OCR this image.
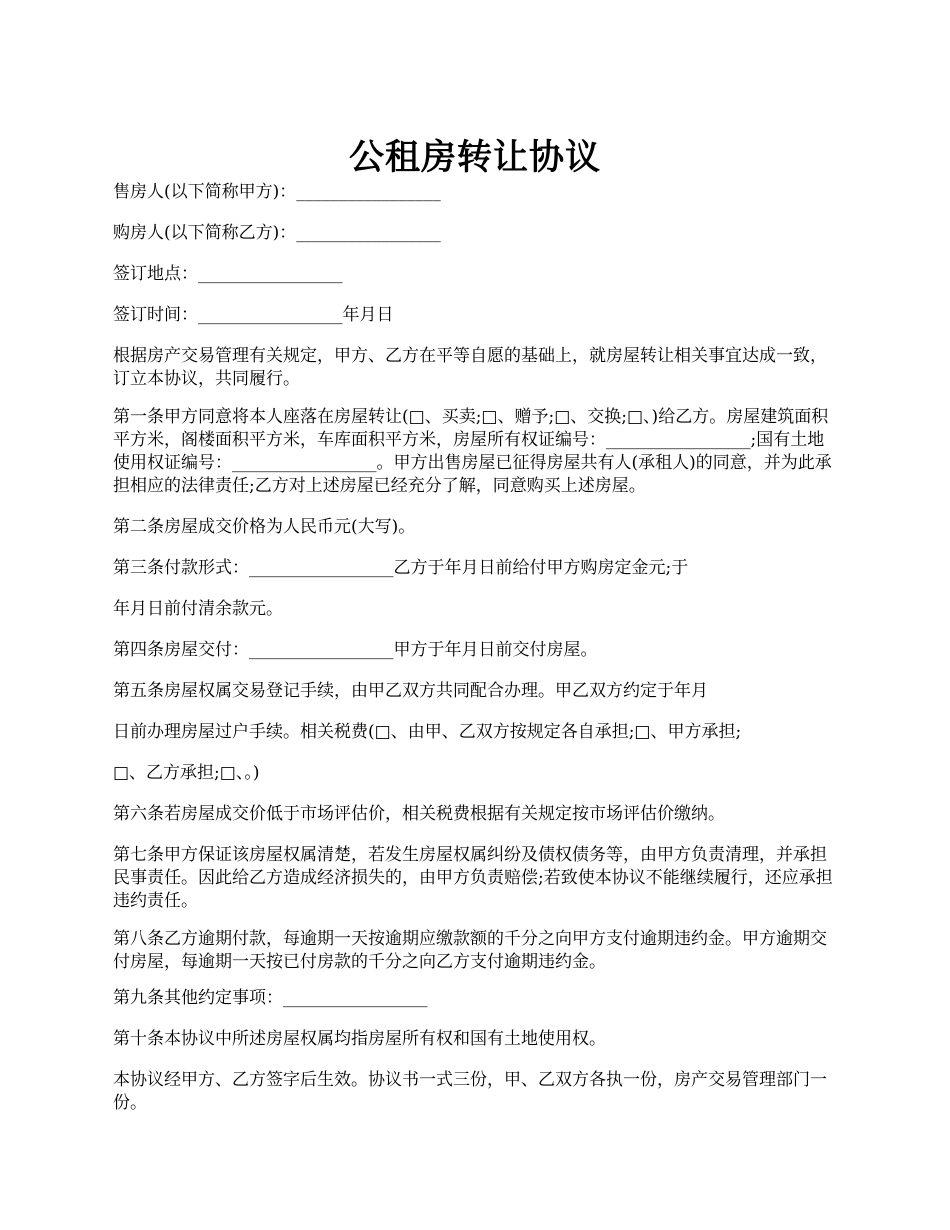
公租房转让协议

售房人(以下简称甲方)：_________________

购房人(以下简称乙方)：_________________

签订地点：_________________

签订时间：_________________年月日

根据房产交易管理有关规定，甲方、乙方在平等自愿的基础上，就房屋转让相关事宜达成一致，订立本协议，共同履行。

第一条甲方同意将本人座落在房屋转让(□、买卖;□、赠予;□、交换;□、)给乙方。房屋建筑面积平方米，阁楼面积平方米，车库面积平方米，房屋所有权证编号：_________________;国有土地使用权证编号：_________________。甲方出售房屋已征得房屋共有人(承租人)的同意，并为此承担相应的法律责任;乙方对上述房屋已经充分了解，同意购买上述房屋。

第二条房屋成交价格为人民币元(大写)。

第三条付款形式：_________________乙方于年月日前给付甲方购房定金元;于

年月日前付清余款元。

第四条房屋交付：_________________甲方于年月日前交付房屋。

第五条房屋权属交易登记手续，由甲乙双方共同配合办理。甲乙双方约定于年月

日前办理房屋过户手续。相关税费(□、由甲、乙双方按规定各自承担;□、甲方承担;

□、乙方承担;□、。)

第六条若房屋成交价低于市场评估价，相关税费根据有关规定按市场评估价缴纳。

第七条甲方保证该房屋权属清楚，若发生房屋权属纠纷及债权债务等，由甲方负责清理，并承担民事责任。因此给乙方造成经济损失的，由甲方负责赔偿;若致使本协议不能继续履行，还应承担违约责任。

第八条乙方逾期付款，每逾期一天按逾期应缴款额的千分之向甲方支付逾期违约金。甲方逾期交付房屋，每逾期一天按已付房款的千分之向乙方支付逾期违约金。

第九条其他约定事项：_________________

第十条本协议中所述房屋权属均指房屋所有权和国有土地使用权。

本协议经甲方、乙方签字后生效。协议书一式三份，甲、乙双方各执一份，房产交易管理部门一份。
